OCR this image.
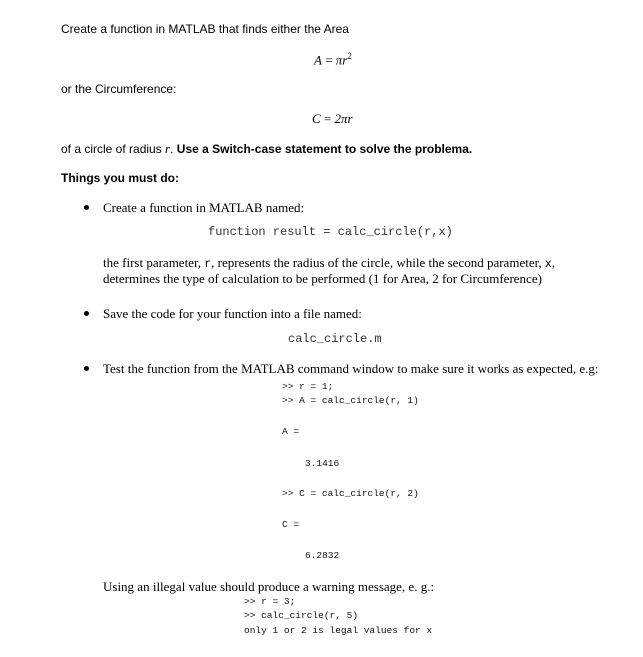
Create a function in MATLAB that finds either the Area
$A = \pi r^2$
or the Circumference:
C = 2πr
of a circle of radius r. Use a Switch-case statement to solve the problema.
Things you must do:
Create a function in MATLAB named:
function result = calc_circle(r,x)
the first parameter, r, represents the radius of the circle, while the second parameter, x,
determines the type of calculation to be performed (1 for Area, 2 for Circumference)
Save the code for your function into a file named:
calc_circle.m
Test the function from the MATLAB command window to make sure it works as expected, e.g:
>> r = 1;
>> A = calc_circle(r, 1)
A =
3.1416
>> C = calc_circle(r, 2)
C =
6.2832
Using an illegal value should produce a warning message, e. g.:
>> r = 3;
>> calc_circle(r, 5)
only 1 or 2 is legal values for x
